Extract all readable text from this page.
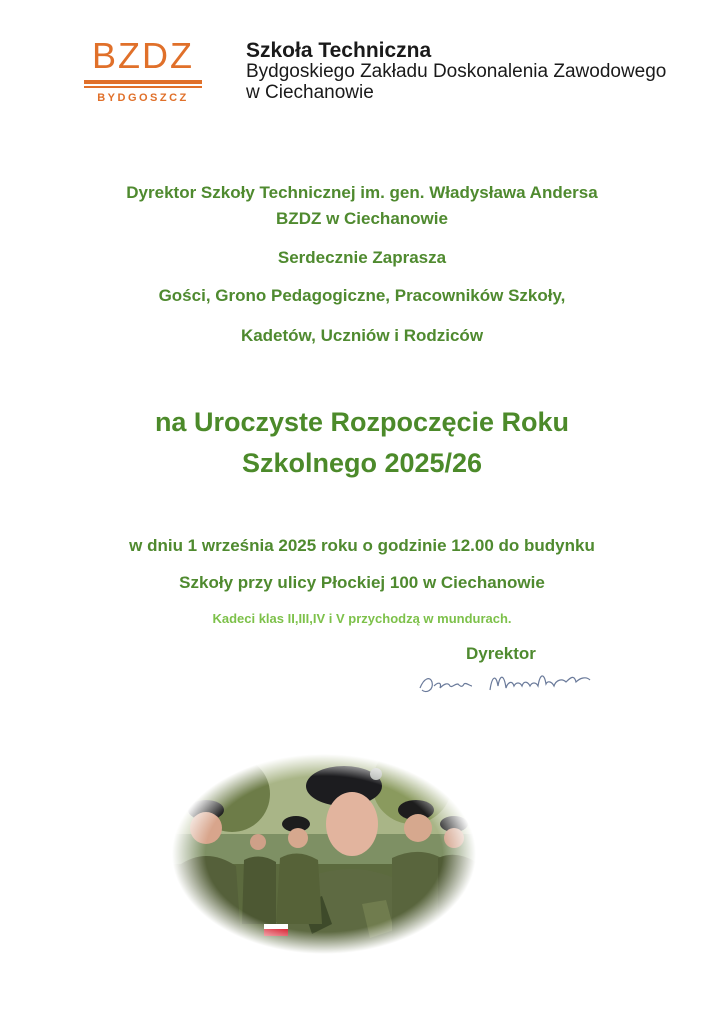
BZDZ
BYDGOSZCZ
Szkoła Techniczna
Bydgoskiego Zakładu Doskonalenia Zawodowego
w Ciechanowie
Dyrektor Szkoły Technicznej im. gen. Władysława Andersa
BZDZ w Ciechanowie
Serdecznie Zaprasza
Gości, Grono Pedagogiczne, Pracowników Szkoły,
Kadetów, Uczniów i Rodziców
na Uroczyste Rozpoczęcie Roku
Szkolnego 2025/26
w dniu 1 września 2025 roku o godzinie 12.00 do budynku
Szkoły przy ulicy Płockiej 100 w Ciechanowie
Kadeci klas II,III,IV i V przychodzą w mundurach.
Dyrektor
